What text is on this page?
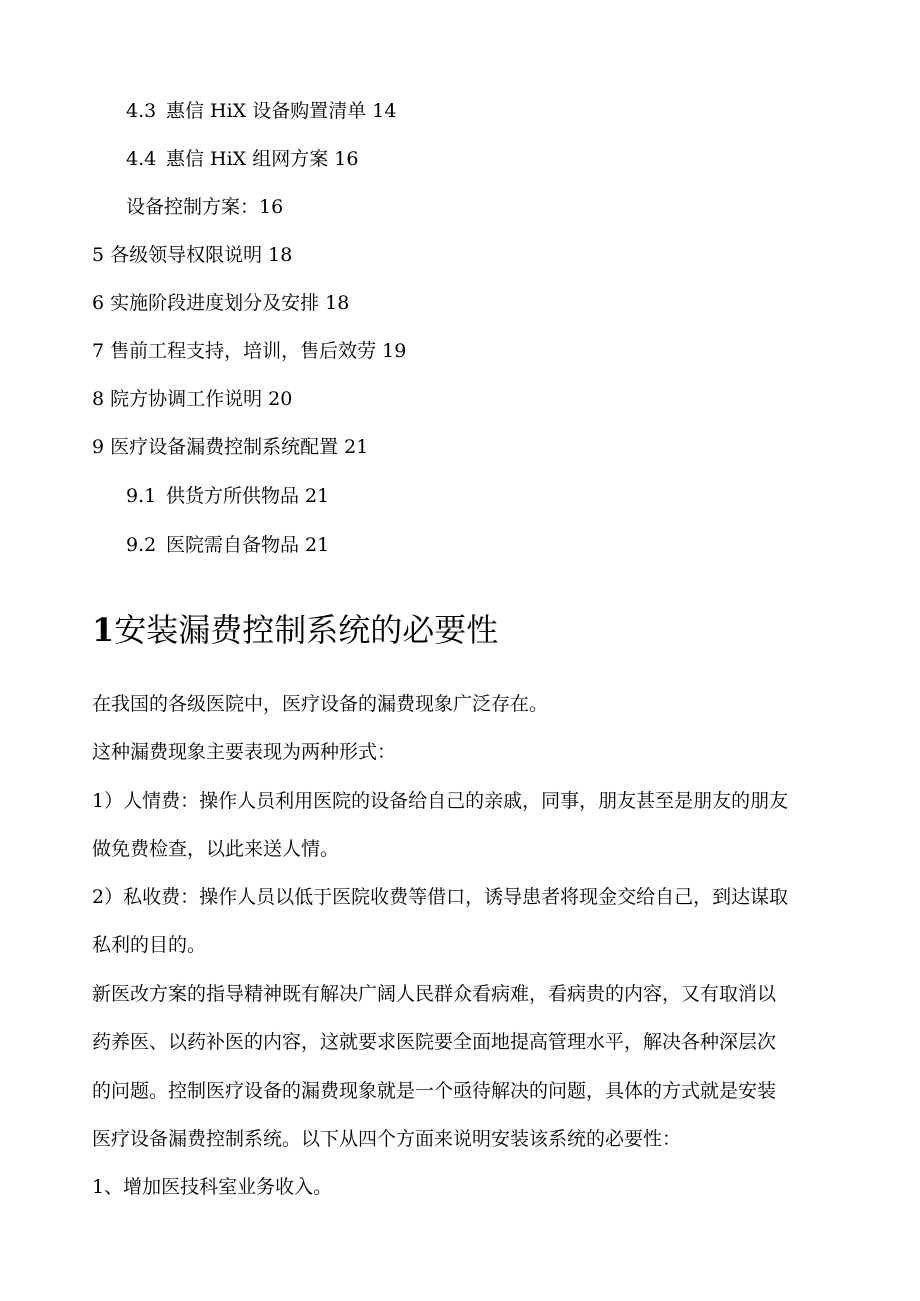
4.3 惠信 HiX 设备购置清单 14
4.4 惠信 HiX 组网方案 16
设备控制方案：16
5 各级领导权限说明 18
6 实施阶段进度划分及安排 18
7 售前工程支持，培训，售后效劳 19
8 院方协调工作说明 20
9 医疗设备漏费控制系统配置 21
9.1 供货方所供物品 21
9.2 医院需自备物品 21
1安装漏费控制系统的必要性
在我国的各级医院中，医疗设备的漏费现象广泛存在。
这种漏费现象主要表现为两种形式：
1）人情费：操作人员利用医院的设备给自己的亲戚，同事，朋友甚至是朋友的朋友
做免费检查，以此来送人情。
2）私收费：操作人员以低于医院收费等借口，诱导患者将现金交给自己，到达谋取
私利的目的。
新医改方案的指导精神既有解决广阔人民群众看病难，看病贵的内容，又有取消以
药养医、以药补医的内容，这就要求医院要全面地提高管理水平，解决各种深层次
的问题。控制医疗设备的漏费现象就是一个亟待解决的问题，具体的方式就是安装
医疗设备漏费控制系统。以下从四个方面来说明安装该系统的必要性：
1、增加医技科室业务收入。
